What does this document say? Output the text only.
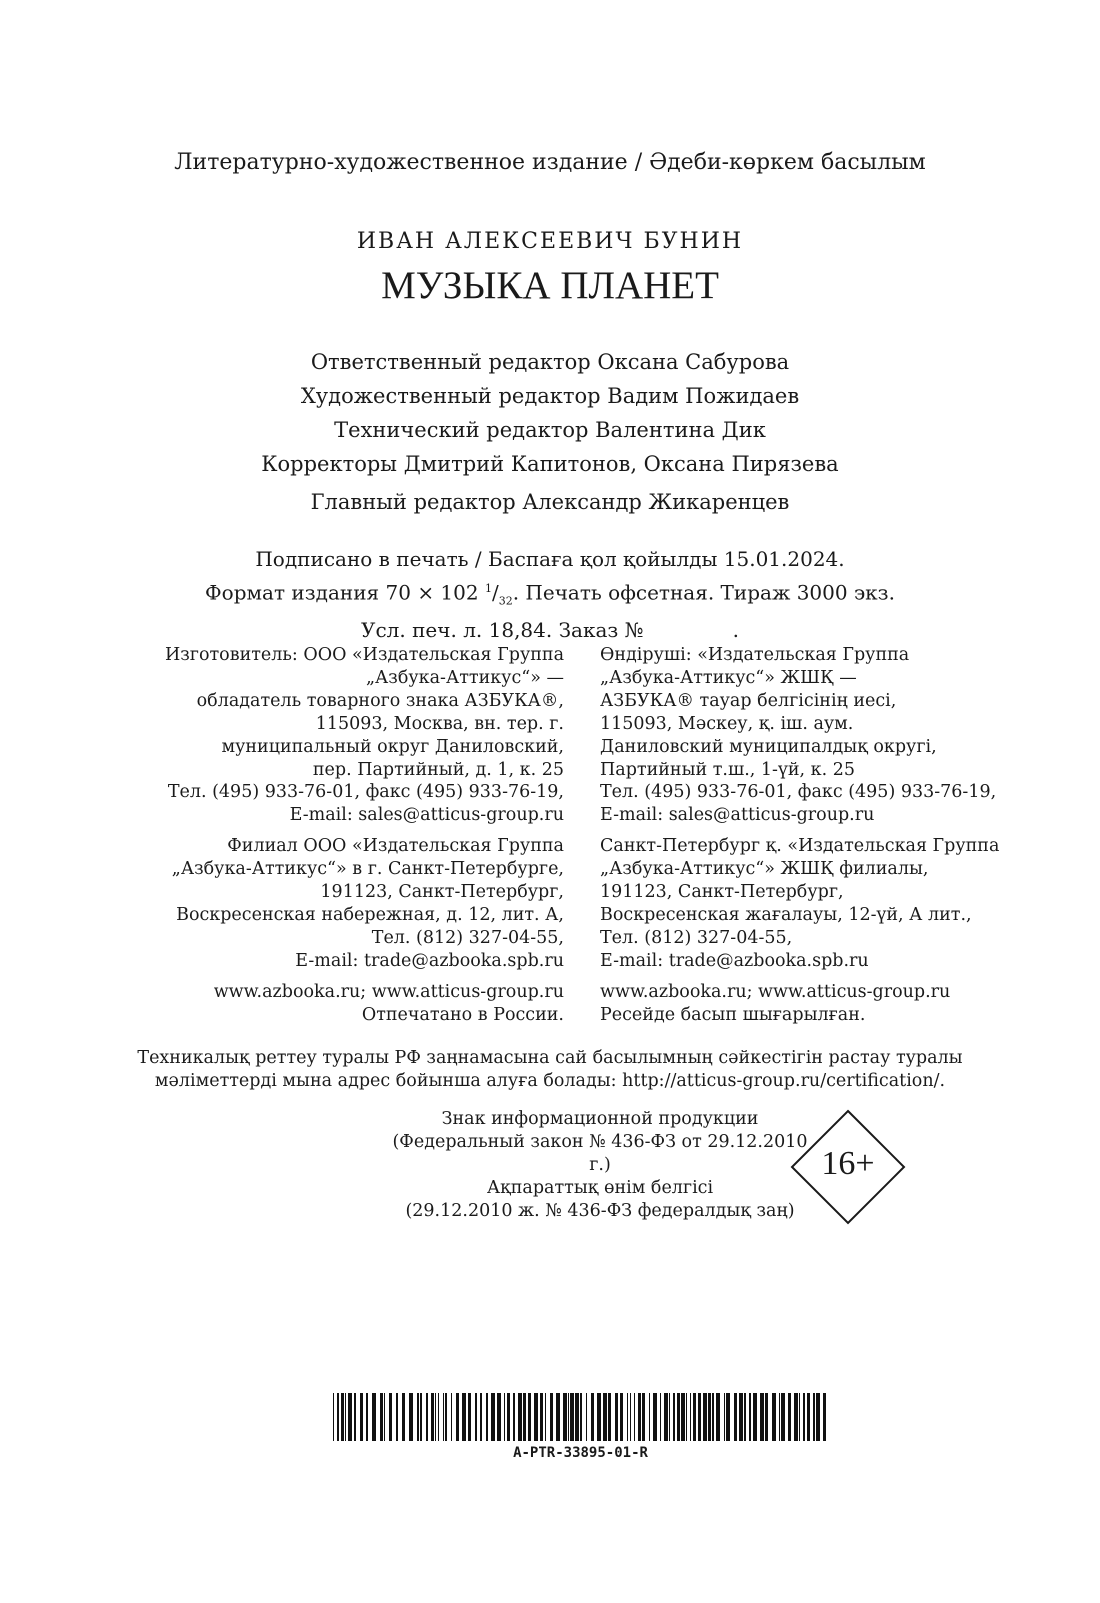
Литературно-художественное издание / Әдеби-көркем басылым
ИВАН АЛЕКСЕЕВИЧ БУНИН
МУЗЫКА ПЛАНЕТ
Ответственный редактор Оксана Сабурова
Художественный редактор Вадим Пожидаев
Технический редактор Валентина Дик
Корректоры Дмитрий Капитонов, Оксана Пирязева
Главный редактор Александр Жикаренцев
Подписано в печать / Баспаға қол қойылды 15.01.2024.
Формат издания 70 × 102 $^1/_{32}$. Печать офсетная. Тираж 3000 экз.
Усл. печ. л. 18,84. Заказ №              .
Изготовитель: ООО «Издательская Группа
„Азбука-Аттикус“» —
обладатель товарного знака АЗБУКА®,
115093, Москва, вн. тер. г.
муниципальный округ Даниловский,
пер. Партийный, д. 1, к. 25
Тел. (495) 933-76-01, факс (495) 933-76-19,
E-mail: sales@atticus-group.ru
Филиал ООО «Издательская Группа
„Азбука-Аттикус“» в г. Санкт-Петербурге,
191123, Санкт-Петербург,
Воскресенская набережная, д. 12, лит. А,
Тел. (812) 327-04-55,
E-mail: trade@azbooka.spb.ru
www.azbooka.ru; www.atticus-group.ru
Отпечатано в России.
Өндіруші: «Издательская Группа
„Азбука-Аттикус“» ЖШҚ —
АЗБУКА® тауар белгісінің иесі,
115093, Мәскеу, қ. іш. аум.
Даниловский муниципалдық округі,
Партийный т.ш., 1-үй, к. 25
Тел. (495) 933-76-01, факс (495) 933-76-19,
E-mail: sales@atticus-group.ru
Санкт-Петербург қ. «Издательская Группа
„Азбука-Аттикус“» ЖШҚ филиалы,
191123, Санкт-Петербург,
Воскресенская жағалауы, 12-үй, А лит.,
Тел. (812) 327-04-55,
E-mail: trade@azbooka.spb.ru
www.azbooka.ru; www.atticus-group.ru
Ресейде басып шығарылған.
Техникалық реттеу туралы РФ заңнамасына сай басылымның сәйкестігін растау туралы
мәліметтерді мына адрес бойынша алуға болады: http://atticus-group.ru/certification/.
Знак информационной продукции
(Федеральный закон № 436-ФЗ от 29.12.2010 г.)
Ақпараттық өнім белгісі
(29.12.2010 ж. № 436-ФЗ федералдық заң)
16+
A-PTR-33895-01-R
